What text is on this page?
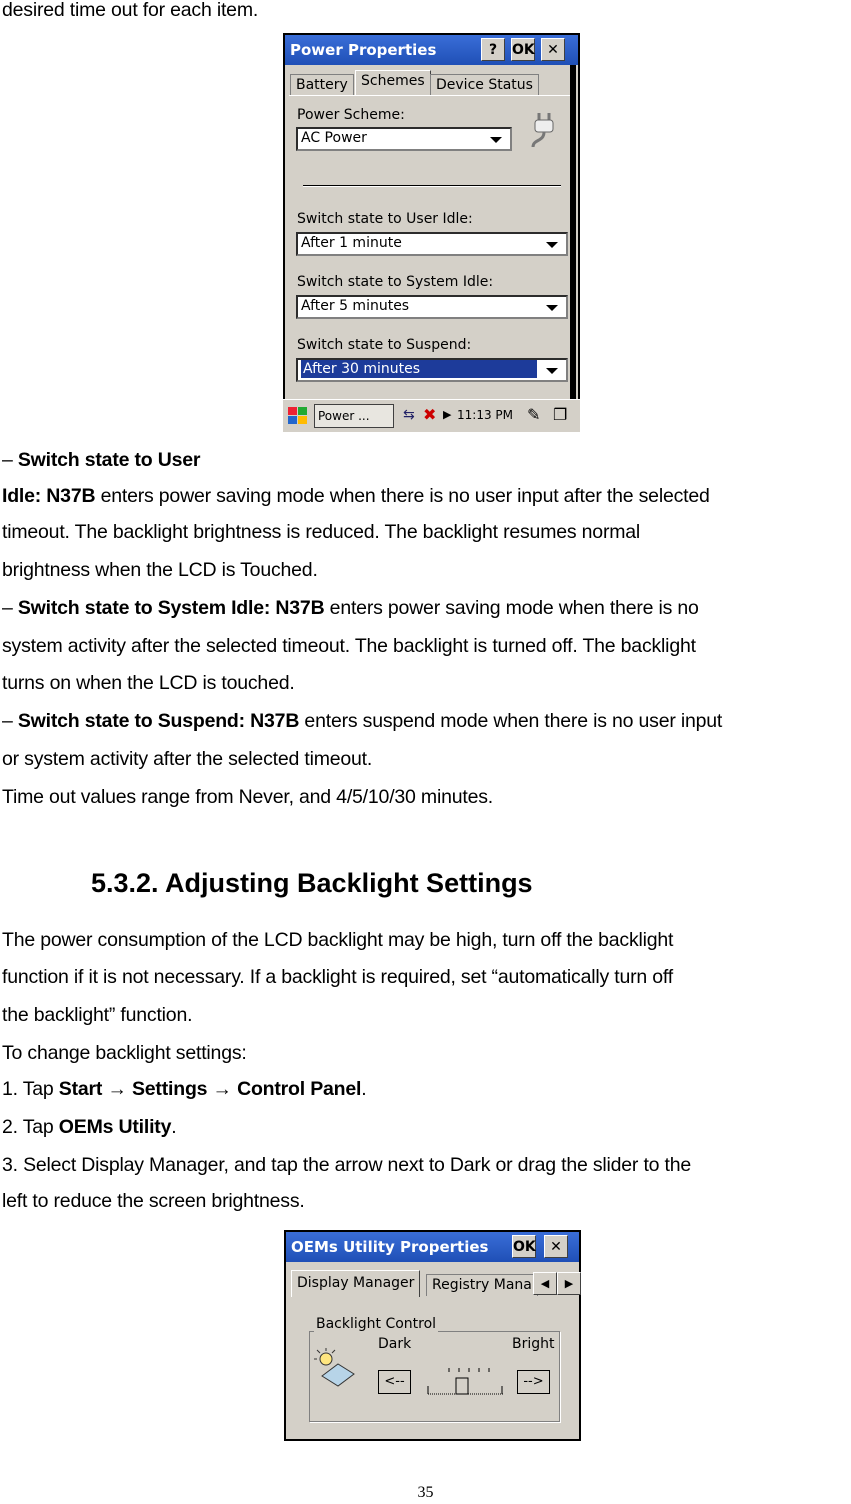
desired time out for each item.
Power Properties	?	OK ✕
Battery Schemes Device Status
Power Scheme:
AC Power
Switch state to User Idle:
After 1 minute
Switch state to System Idle:
After 5 minutes
Switch state to Suspend:
After 30 minutes
Power ...	⇆ ✖ ▶ 11:13 PM ✎ ❐
– Switch state to User
Idle: N37B enters power saving mode when there is no user input after the selected
timeout. The backlight brightness is reduced. The backlight resumes normal
brightness when the LCD is Touched.
– Switch state to System Idle: N37B enters power saving mode when there is no
system activity after the selected timeout. The backlight is turned off. The backlight
turns on when the LCD is touched.
– Switch state to Suspend: N37B enters suspend mode when there is no user input
or system activity after the selected timeout.
Time out values range from Never, and 4/5/10/30 minutes.
5.3.2. Adjusting Backlight Settings
The power consumption of the LCD backlight may be high, turn off the backlight
function if it is not necessary. If a backlight is required, set “automatically turn off
the backlight” function.
To change backlight settings:
1. Tap Start → Settings → Control Panel.
2. Tap OEMs Utility.
3. Select Display Manager, and tap the arrow next to Dark or drag the slider to the
left to reduce the screen brightness.
OEMs Utility Properties OK	✕
Display Manager	Registry Mana ◀	▶
Backlight Control
Dark	Bright
<--	-->
35
